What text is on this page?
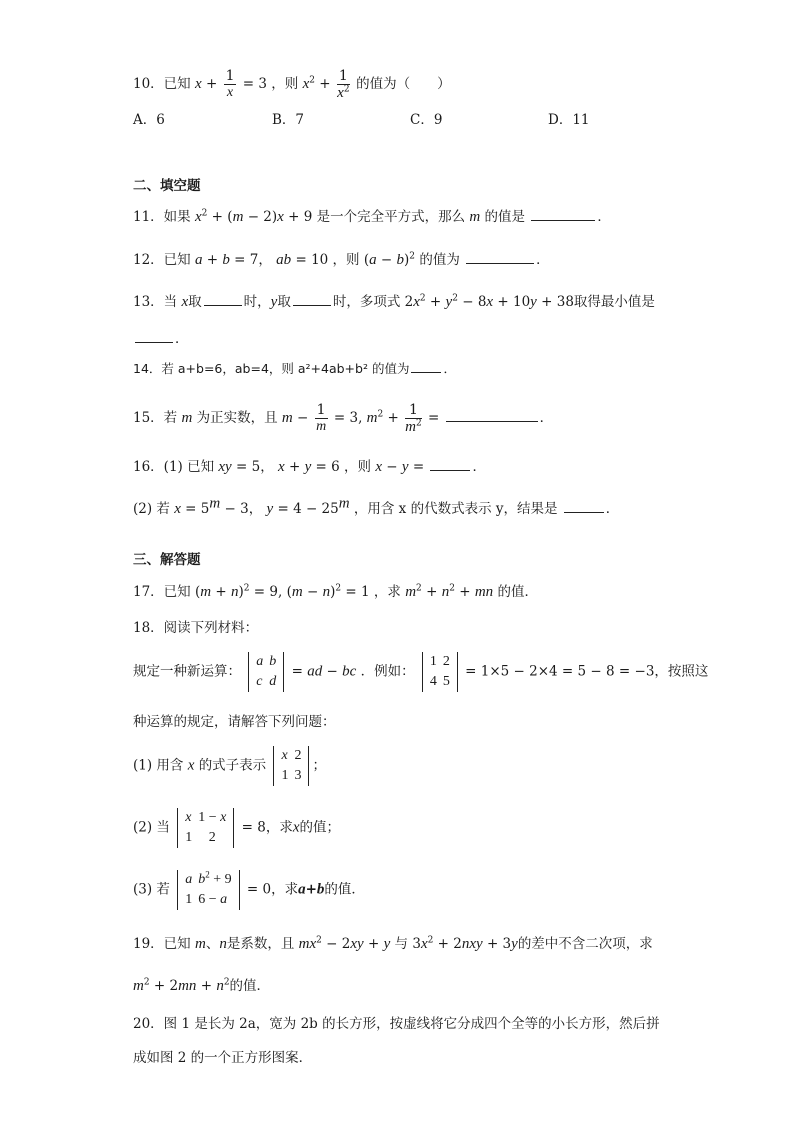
10．已知 $x + \frac{1}{x} = 3$ ，则 $x^2 + \frac{1}{x^2}$ 的值为（　　）
A．6	B．7	C．9	D．11
二、填空题
11．如果 $x^2 + (m - 2)x + 9$ 是一个完全平方式，那么 m 的值是	．
12．已知 a + b = 7， ab = 10 ，则 $(a - b)^2$ 的值为	．
13．当 x取	时，y取	时，多项式 $2x^2 + y^2 - 8x + 10y + 38$取得最小值是
．
14．若 a+b=6，ab=4，则 a²+4ab+b² 的值为	．
15．若 m 为正实数，且 $m - \frac{1}{m} = 3$, $m^2 + \frac{1}{m^2}$ =	．
16．(1) 已知 xy = 5， x + y = 6 ，则 x − y =	．
(2) 若 $x = 5^m - 3$， $y = 4 - 25^m$ ，用含 x 的代数式表示 y，结果是	．
三、解答题
17．已知 $(m + n)^2 = 9$, $(m - n)^2 = 1$ ，求 $m^2 + n^2$ + mn 的值．
18．阅读下列材料：
规定一种新运算：
a	b
c	d
= ad − bc ．例如：
1	2
4	5
= 1×5 − 2×4 = 5 − 8 = −3，按照这
种运算的规定，请解答下列问题：
(1) 用含 x 的式子表示
x	2
1	3
；
(2) 当
x	1 − x
1	2
= 8，求x的值；
(3) 若
a	$b^2 + 9$
1	6 − a
= 0，求a+b的值．
19．已知 m、n是系数，且 $mx^2 - 2xy + y$ 与 $3x^2 + 2nxy + 3y$的差中不含二次项，求
$m^2 + 2mn + n^2$的值．
20．图 1 是长为 2a，宽为 2b 的长方形，按虚线将它分成四个全等的小长方形，然后拼
成如图 2 的一个正方形图案．
